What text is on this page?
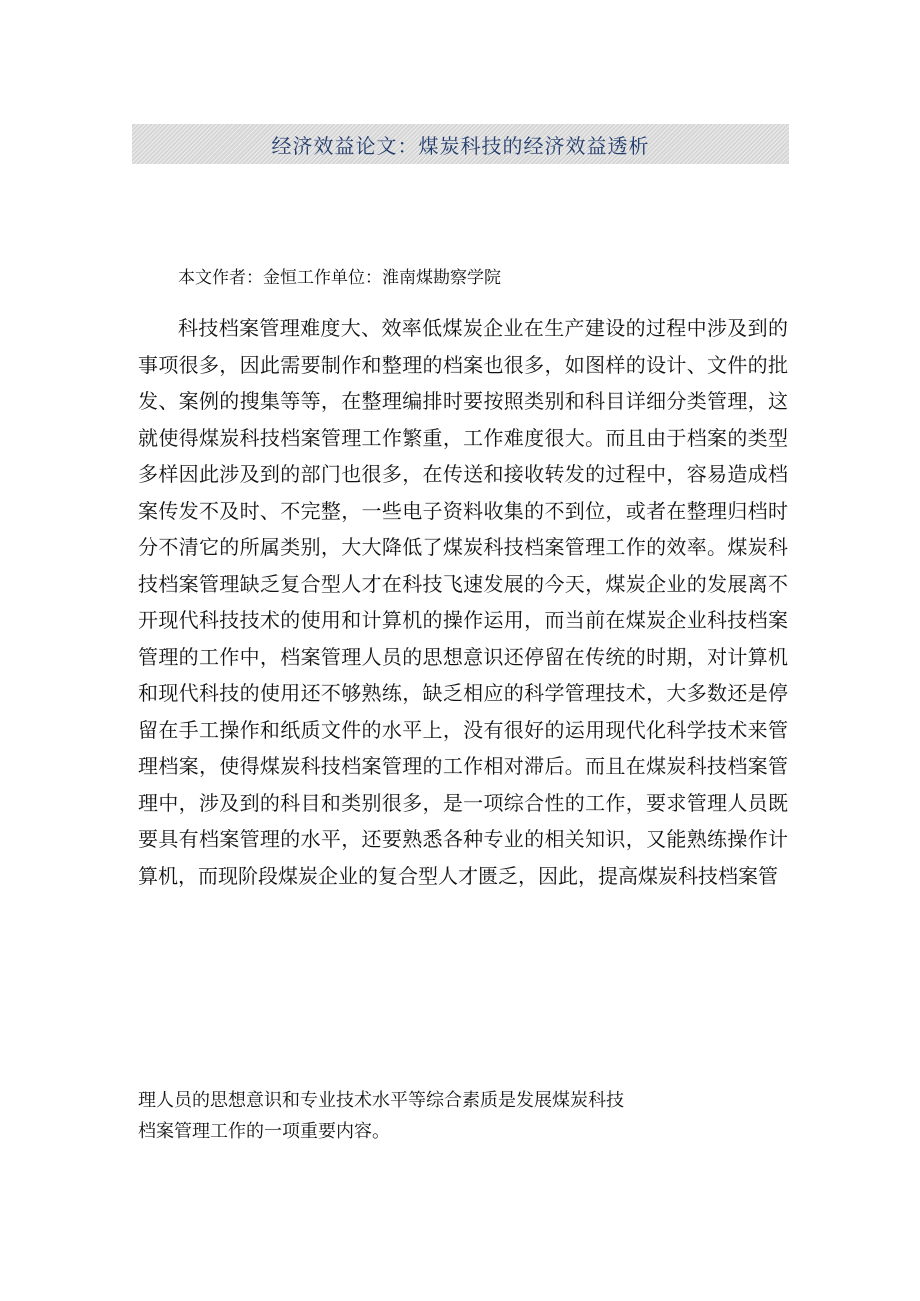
经济效益论文：煤炭科技的经济效益透析
本文作者：金恒工作单位：淮南煤勘察学院

科技档案管理难度大、效率低煤炭企业在生产建设的过程中涉及到的事项很多，因此需要制作和整理的档案也很多，如图样的设计、文件的批发、案例的搜集等等，在整理编排时要按照类别和科目详细分类管理，这就使得煤炭科技档案管理工作繁重，工作难度很大。而且由于档案的类型多样因此涉及到的部门也很多，在传送和接收转发的过程中，容易造成档案传发不及时、不完整，一些电子资料收集的不到位，或者在整理归档时分不清它的所属类别，大大降低了煤炭科技档案管理工作的效率。煤炭科技档案管理缺乏复合型人才在科技飞速发展的今天，煤炭企业的发展离不开现代科技技术的使用和计算机的操作运用，而当前在煤炭企业科技档案管理的工作中，档案管理人员的思想意识还停留在传统的时期，对计算机和现代科技的使用还不够熟练，缺乏相应的科学管理技术，大多数还是停留在手工操作和纸质文件的水平上，没有很好的运用现代化科学技术来管理档案，使得煤炭科技档案管理的工作相对滞后。而且在煤炭科技档案管理中，涉及到的科目和类别很多，是一项综合性的工作，要求管理人员既要具有档案管理的水平，还要熟悉各种专业的相关知识，又能熟练操作计算机，而现阶段煤炭企业的复合型人才匮乏，因此，提高煤炭科技档案管

理人员的思想意识和专业技术水平等综合素质是发展煤炭科技
档案管理工作的一项重要内容。
